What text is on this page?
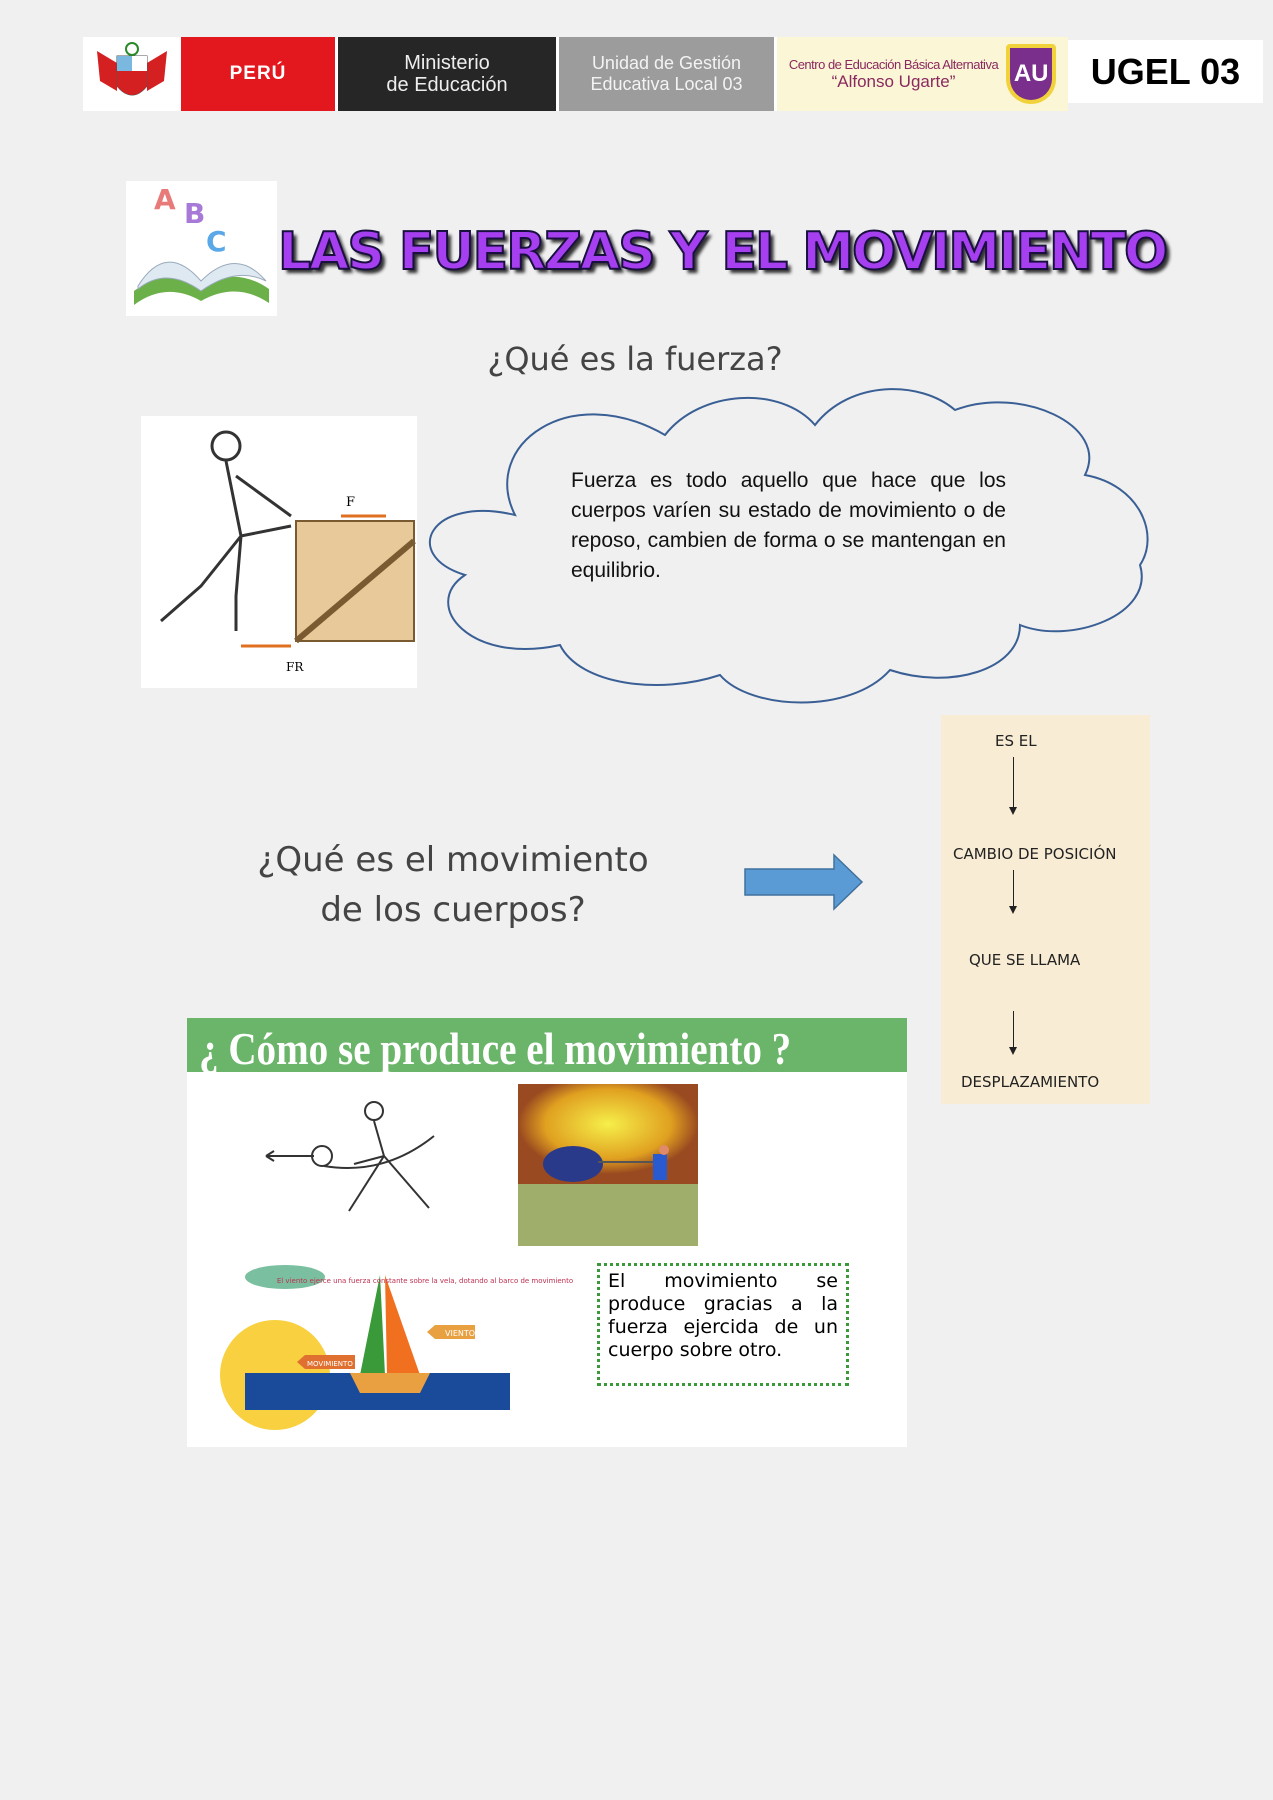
PERÚ	Ministerio
de Educación
Unidad de Gestión
Educativa Local 03
Centro de Educación Básica Alternativa
“Alfonso Ugarte”	AU	UGEL 03
A B
C LAS FUERZAS Y EL MOVIMIENTO
¿Qué es la fuerza?
F
FR
Fuerza es todo aquello que hace que los cuerpos varíen su estado de movimiento o de reposo, cambien de forma o se mantengan en equilibrio.
¿Qué es el movimiento
de los cuerpos?
ES EL
CAMBIO DE POSICIÓN
QUE SE LLAMA
DESPLAZAMIENTO
¿ Cómo se produce el movimiento ?
El viento ejerce una fuerza constante sobre la vela, dotando al barco de movimiento
VIENTO
MOVIMIENTO
El movimiento se produce gracias a la fuerza ejercida de un cuerpo sobre otro.
